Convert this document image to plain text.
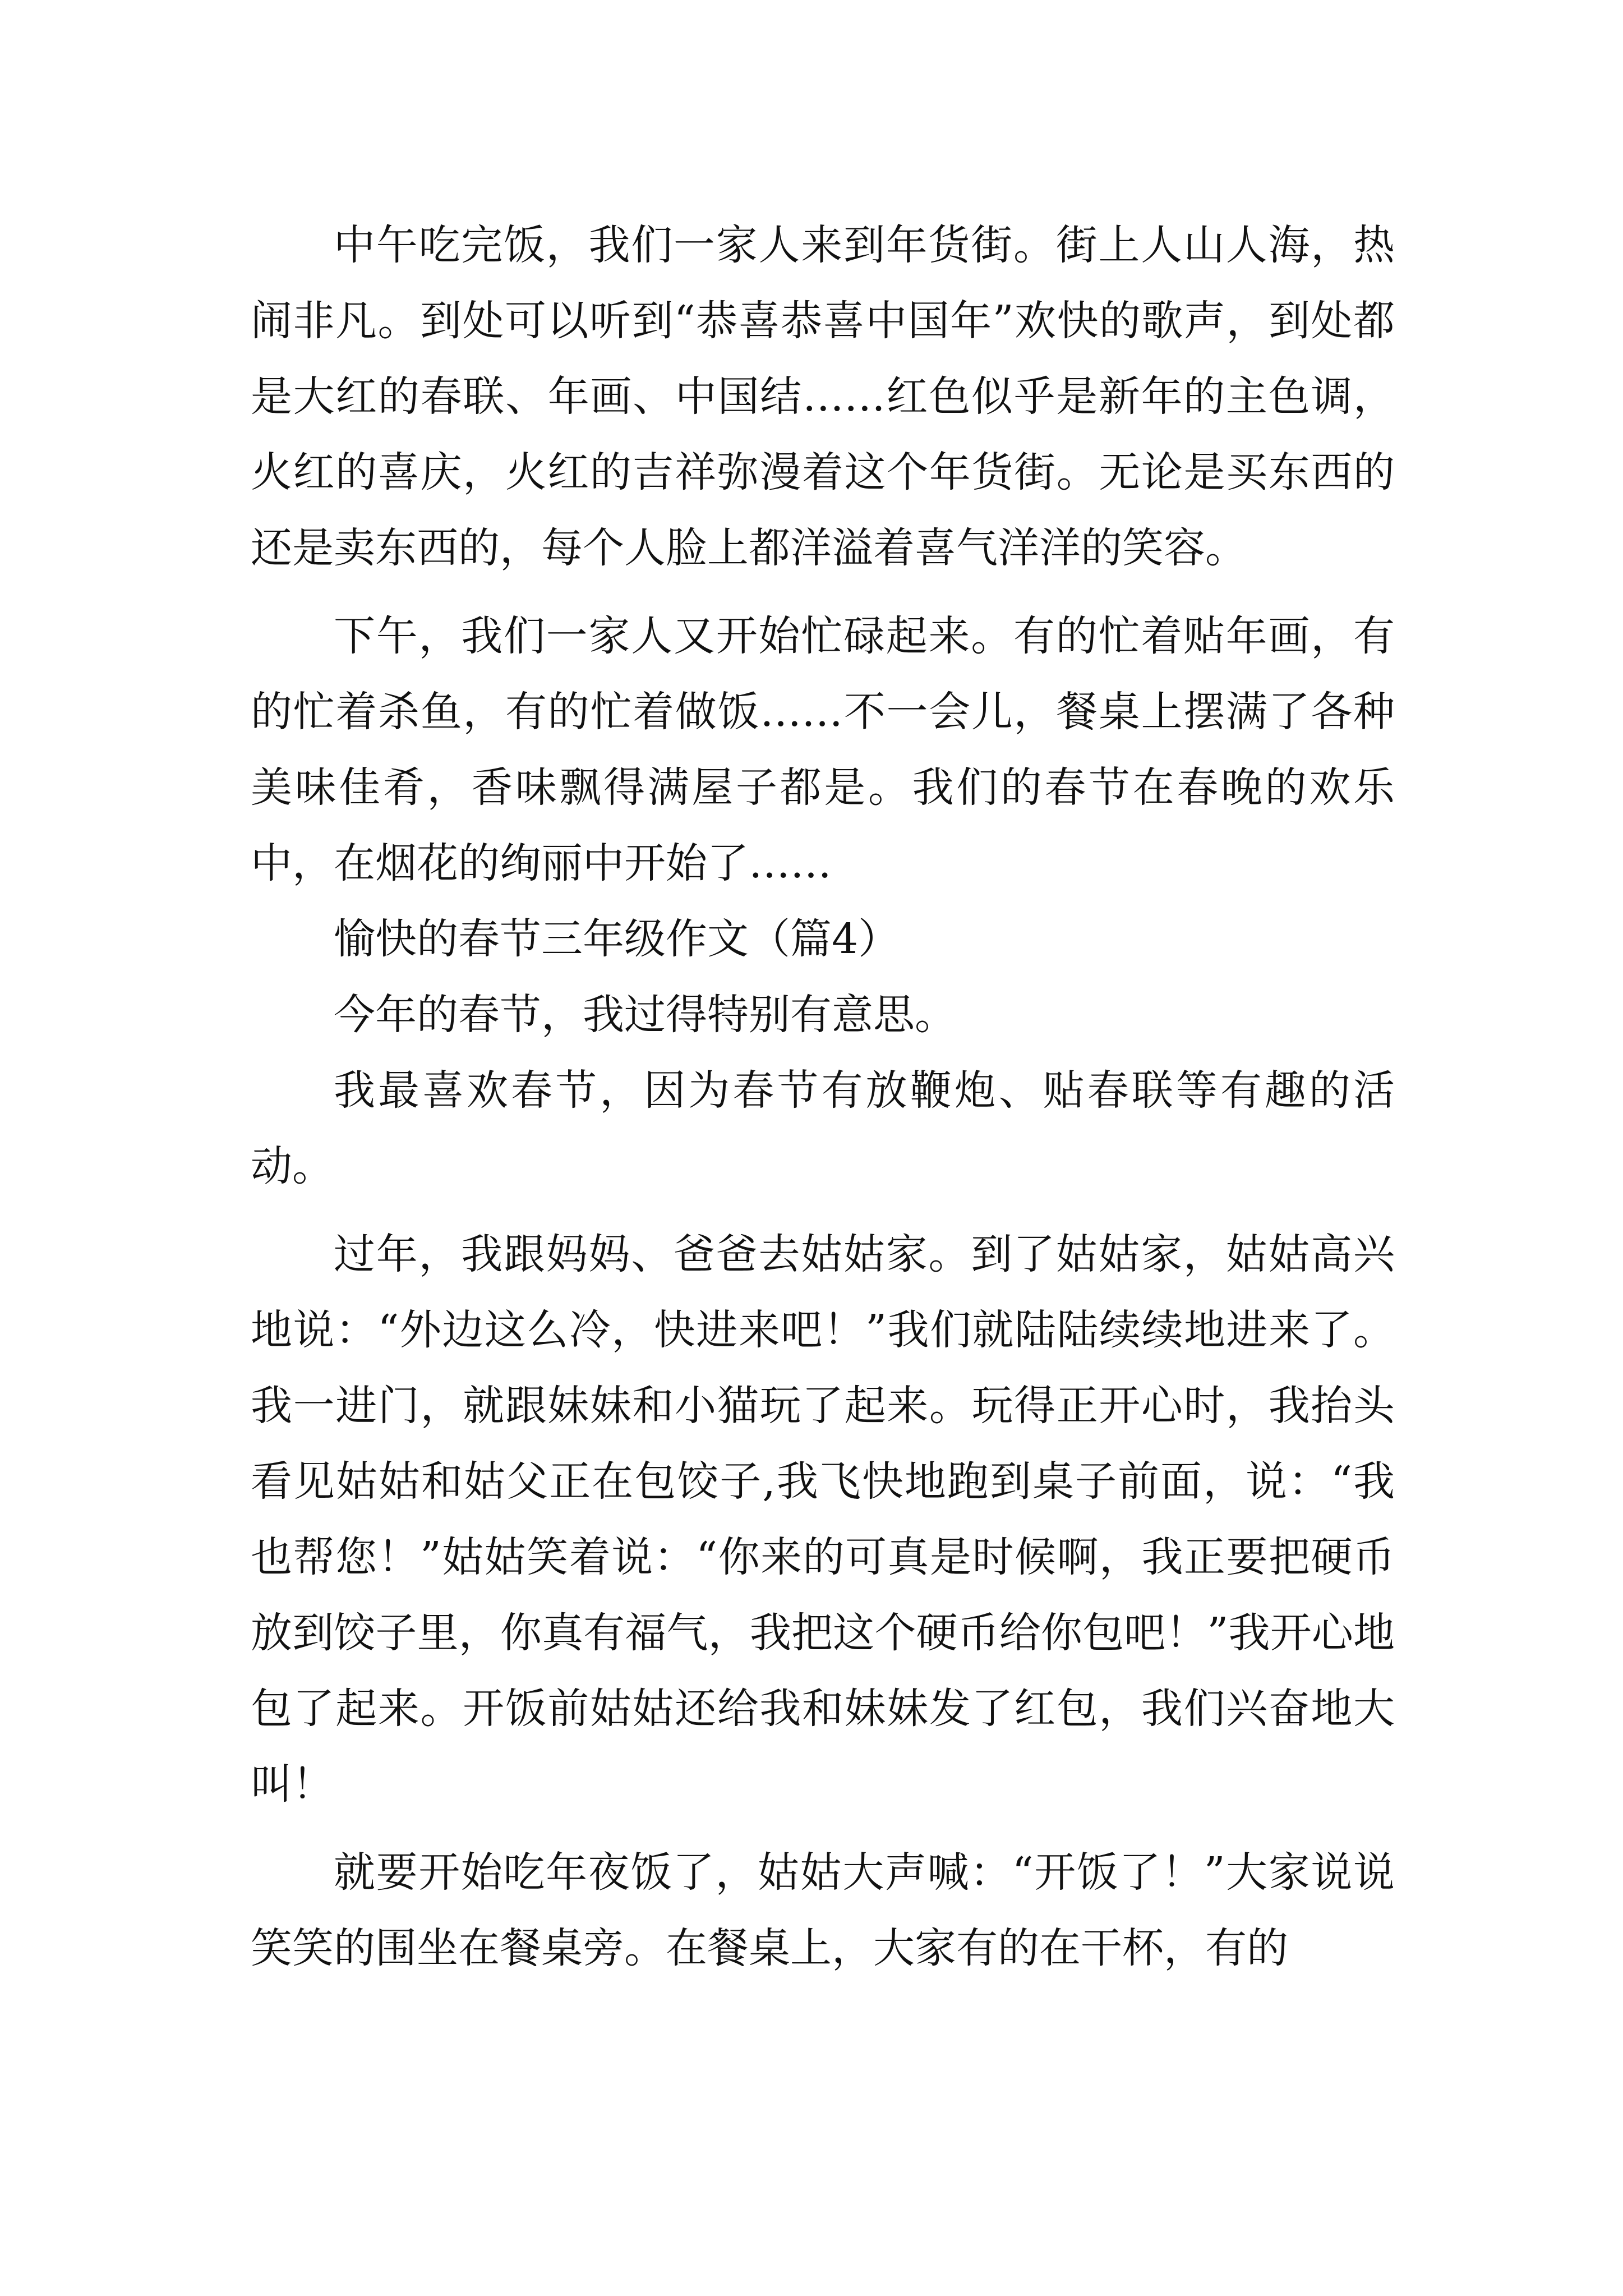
中午吃完饭，我们一家人来到年货街。街上人山人海，热闹非凡。到处可以听到“恭喜恭喜中国年”欢快的歌声，到处都是大红的春联、年画、中国结……红色似乎是新年的主色调，火红的喜庆，火红的吉祥弥漫着这个年货街。无论是买东西的还是卖东西的，每个人脸上都洋溢着喜气洋洋的笑容。

下午，我们一家人又开始忙碌起来。有的忙着贴年画，有的忙着杀鱼，有的忙着做饭……不一会儿，餐桌上摆满了各种美味佳肴，香味飘得满屋子都是。我们的春节在春晚的欢乐中，在烟花的绚丽中开始了……

愉快的春节三年级作文（篇4）

今年的春节，我过得特别有意思。

我最喜欢春节，因为春节有放鞭炮、贴春联等有趣的活动。

过年，我跟妈妈、爸爸去姑姑家。到了姑姑家，姑姑高兴地说：“外边这么冷，快进来吧！”我们就陆陆续续地进来了。我一进门，就跟妹妹和小猫玩了起来。玩得正开心时，我抬头看见姑姑和姑父正在包饺子,我飞快地跑到桌子前面，说：“我也帮您！”姑姑笑着说：“你来的可真是时候啊，我正要把硬币放到饺子里，你真有福气，我把这个硬币给你包吧！”我开心地包了起来。开饭前姑姑还给我和妹妹发了红包，我们兴奋地大叫！

就要开始吃年夜饭了，姑姑大声喊：“开饭了！”大家说说笑笑的围坐在餐桌旁。在餐桌上，大家有的在干杯，有的
